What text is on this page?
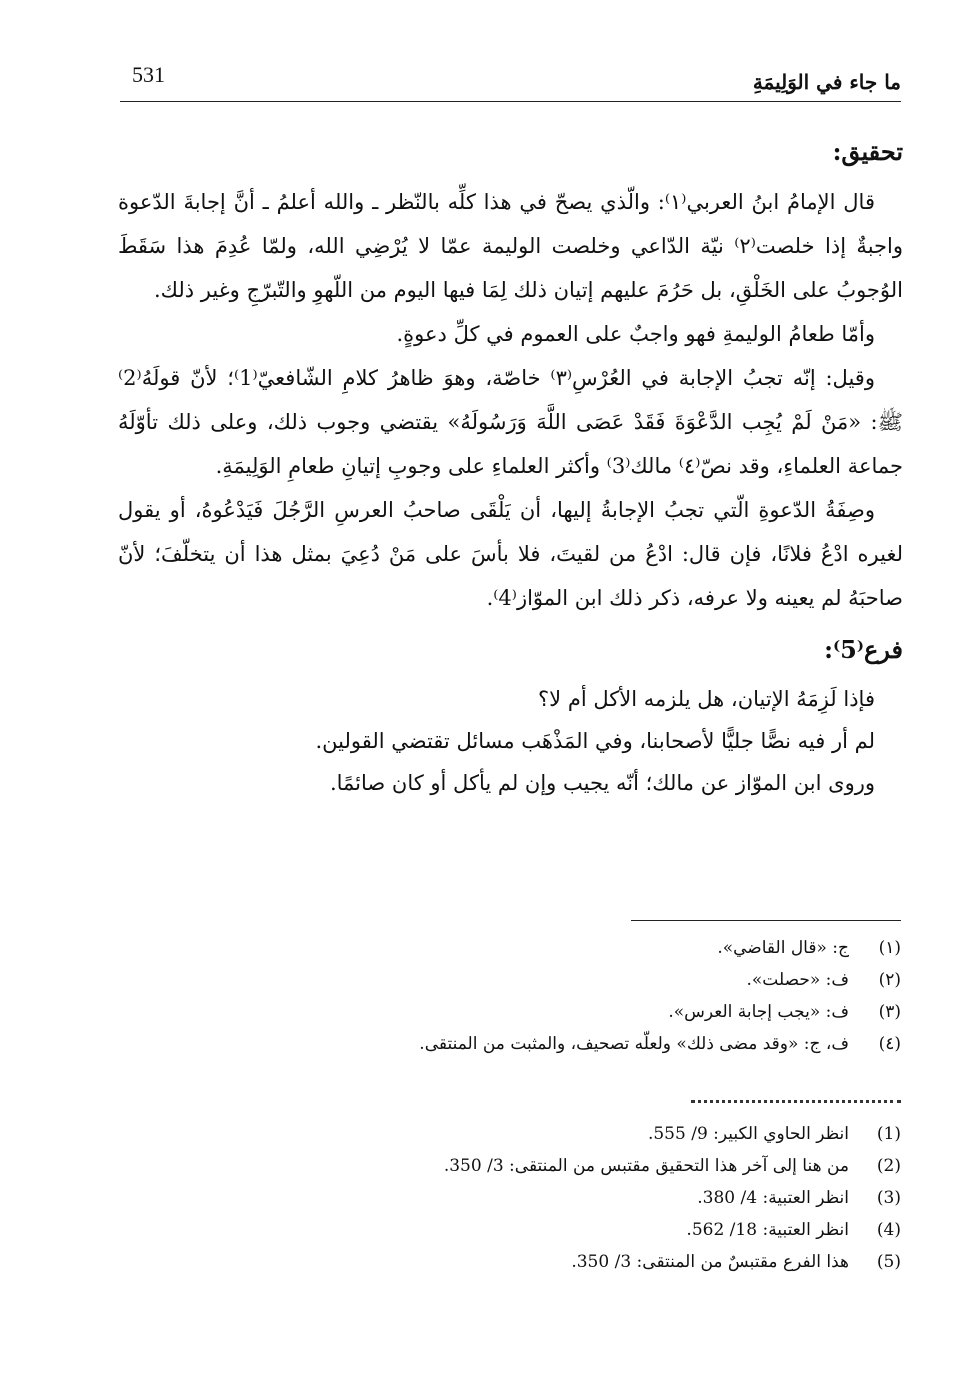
531	ما جاء في الوَلِيمَةِ

تحقيق:

قال الإمامُ ابنُ العربي⁽١⁾: والّذي يصحّ في هذا كلِّه بالنّظر ـ والله أعلمُ ـ أنَّ إجابةَ الدّعوة واجبةٌ إذا خلصت⁽٢⁾ نيّة الدّاعي وخلصت الوليمة عمّا لا يُرْضِي الله، ولمّا عُدِمَ هذا سَقَطَ الوُجوبُ على الخَلْقِ، بل حَرُمَ عليهم إتيان ذلك لِمَا فيها اليوم من اللّهوِ والتّبرّجِ وغير ذلك.

وأمّا طعامُ الوليمةِ فهو واجبٌ على العموم في كلِّ دعوةٍ.

وقيل: إنّه تجبُ الإجابة في العُرْسِ⁽٣⁾ خاصّة، وهوَ ظاهرُ كلامِ الشّافعيّ⁽1⁾؛ لأنّ قولَهُ⁽2⁾ ﷺ: «مَنْ لَمْ يُجِب الدَّعْوَةَ فَقَدْ عَصَى اللَّهَ وَرَسُولَهُ» يقتضي وجوب ذلك، وعلى ذلك تأوّلَهُ جماعة العلماءِ، وقد نصّ⁽٤⁾ مالك⁽3⁾ وأكثر العلماءِ على وجوبِ إتيانِ طعامِ الوَلِيمَةِ.

وصِفَةُ الدّعوةِ الّتي تجبُ الإجابةُ إليها، أن يَلْقَى صاحبُ العرسِ الرَّجُلَ فَيَدْعُوهُ، أو يقول لغيره ادْعُ فلانًا، فإن قال: ادْعُ من لقيتَ، فلا بأسَ على مَنْ دُعِيَ بمثل هذا أن يتخلّفَ؛ لأنّ صاحبَهُ لم يعينه ولا عرفه، ذكر ذلك ابن الموّاز⁽4⁾.

فرع⁽5⁾:

فإذا لَزِمَهُ الإتيان، هل يلزمه الأكل أم لا؟

لم أر فيه نصًّا جليًّا لأصحابنا، وفي المَذْهَب مسائل تقتضي القولين.

وروى ابن الموّاز عن مالك؛ أنّه يجيب وإن لم يأكل أو كان صائمًا.

(١)
ج: «قال القاضي».
(٢)
ف: «حصلت».
(٣)
ف: «يجب إجابة العرس».
(٤)
ف، ج: «وقد مضى ذلك» ولعلّه تصحيف، والمثبت من المنتقى.
(1)
انظر الحاوي الكبير: 9/ 555.
(2)
من هنا إلى آخر هذا التحقيق مقتبس من المنتقى: 3/ 350.
(3)
انظر العتبية: 4/ 380.
(4)
انظر العتبية: 18/ 562.
(5)
هذا الفرع مقتبسٌ من المنتقى: 3/ 350.
